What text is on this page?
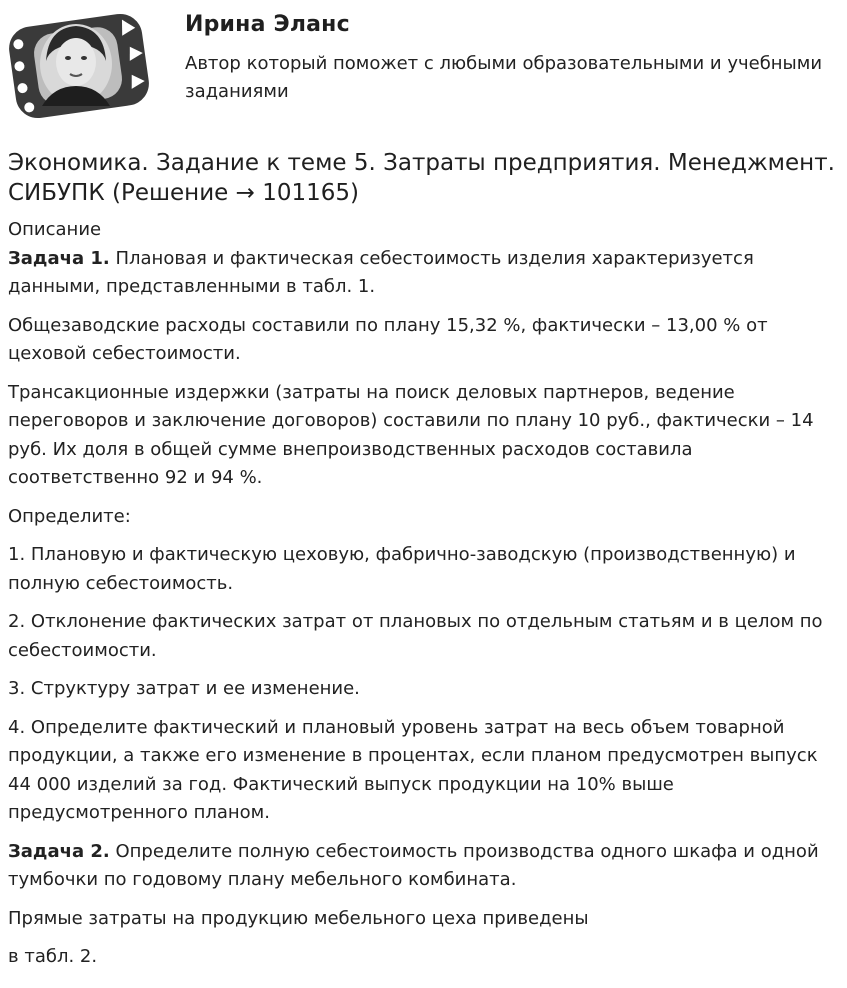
Ирина Эланс
Автор который поможет с любыми образовательными и учебными заданиями
Экономика. Задание к теме 5. Затраты предприятия. Менеджмент. СИБУПК (Решение → 101165)

Описание

Задача 1. Плановая и фактическая себестоимость изделия характеризуется данными, представленными в табл. 1.

Общезаводские расходы составили по плану 15,32 %, фактически – 13,00 % от цеховой себестоимости.

Трансакционные издержки (затраты на поиск деловых партнеров, ведение переговоров и заключение договоров) составили по плану 10 руб., фактически – 14 руб. Их доля в общей сумме внепроизводственных расходов составила соответственно 92 и 94 %.

Определите:

1. Плановую и фактическую цеховую, фабрично-заводскую (производственную) и полную себестоимость.

2. Отклонение фактических затрат от плановых по отдельным статьям и в целом по себестоимости.

3. Структуру затрат и ее изменение.

4. Определите фактический и плановый уровень затрат на весь объем товарной продукции, а также его изменение в процентах, если планом предусмотрен выпуск 44 000 изделий за год. Фактический выпуск продукции на 10% выше предусмотренного планом.

Задача 2. Определите полную себестоимость производства одного шкафа и одной тумбочки по годовому плану мебельного комбината.

Прямые затраты на продукцию мебельного цеха приведены

в табл. 2.
